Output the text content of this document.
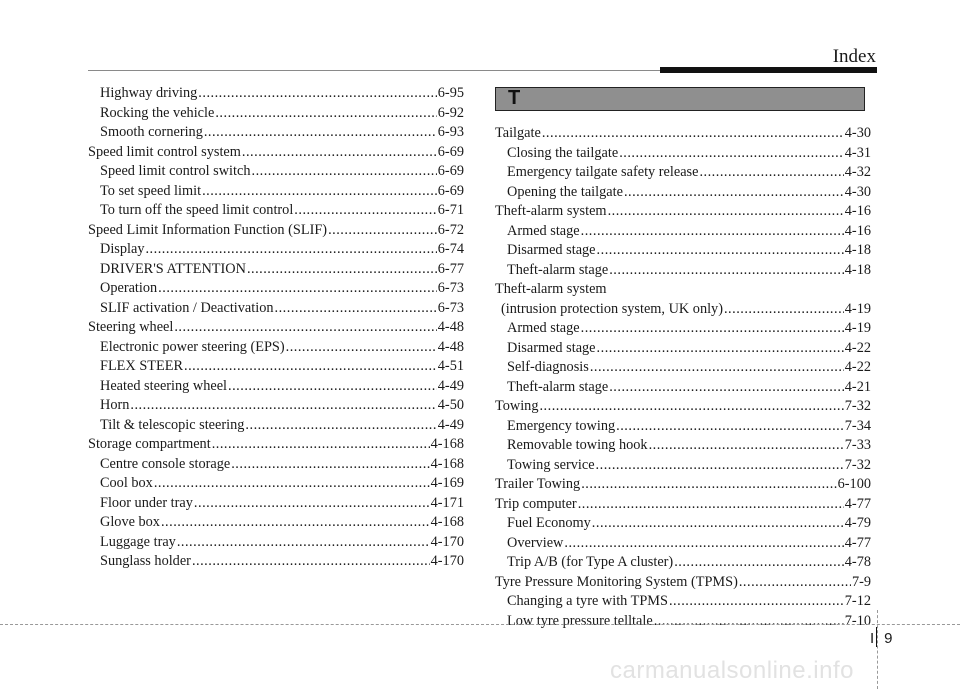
Index
Highway driving .....	6-95
Rocking the vehicle .....	6-92
Smooth cornering .....	6-93
Speed limit control system .....	6-69
Speed limit control switch .....	6-69
To set speed limit .....	6-69
To turn off the speed limit control .....	6-71
Speed Limit Information Function (SLIF) .....	6-72
Display .....	6-74
DRIVER'S ATTENTION .....	6-77
Operation .....	6-73
SLIF activation / Deactivation .....	6-73
Steering wheel .....	4-48
Electronic power steering (EPS) .....	4-48
FLEX STEER .....	4-51
Heated steering wheel .....	4-49
Horn .....	4-50
Tilt & telescopic steering .....	4-49
Storage compartment .....	4-168
Centre console storage .....	4-168
Cool box .....	4-169
Floor under tray .....	4-171
Glove box .....	4-168
Luggage tray .....	4-170
Sunglass holder .....	4-170
T
Tailgate .....	4-30
Closing the tailgate .....	4-31
Emergency tailgate safety release .....	4-32
Opening the tailgate .....	4-30
Theft-alarm system .....	4-16
Armed stage .....	4-16
Disarmed stage .....	4-18
Theft-alarm stage .....	4-18
Theft-alarm system
(intrusion protection system, UK only) .....	4-19
Armed stage .....	4-19
Disarmed stage .....	4-22
Self-diagnosis .....	4-22
Theft-alarm stage .....	4-21
Towing .....	7-32
Emergency towing .....	7-34
Removable towing hook .....	7-33
Towing service .....	7-32
Trailer Towing .....	6-100
Trip computer .....	4-77
Fuel Economy .....	4-79
Overview .....	4-77
Trip A/B (for Type A cluster) .....	4-78
Tyre Pressure Monitoring System (TPMS) .....	7-9
Changing a tyre with TPMS .....	7-12
Low tyre pressure telltale .....	7-10
I 9
carmanualsonline.info
